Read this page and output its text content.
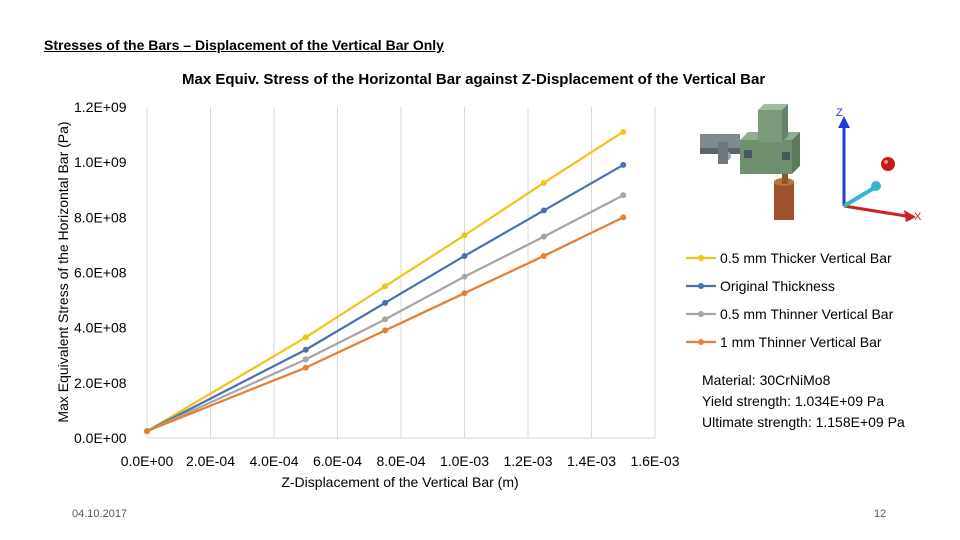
Stresses of the Bars – Displacement of the Vertical Bar Only
Max Equiv. Stress of the Horizontal Bar against Z-Displacement of the Vertical Bar
0.0E+00
2.0E+08
4.0E+08
6.0E+08
8.0E+08
1.0E+09
1.2E+09
0.0E+00 2.0E-04 4.0E-04 6.0E-04 8.0E-04 1.0E-03 1.2E-03 1.4E-03 1.6E-03
0.5 mm Thicker Vertical Bar
Original Thickness
0.5 mm Thinner Vertical Bar
1 mm Thinner Vertical Bar
Max Equivalent Stress of the Horizontal Bar (Pa)
Z-Displacement of the Vertical Bar (m)
Z
X
Material: 30CrNiMo8
Yield strength: 1.034E+09 Pa
Ultimate strength: 1.158E+09 Pa
04.10.2017	12
